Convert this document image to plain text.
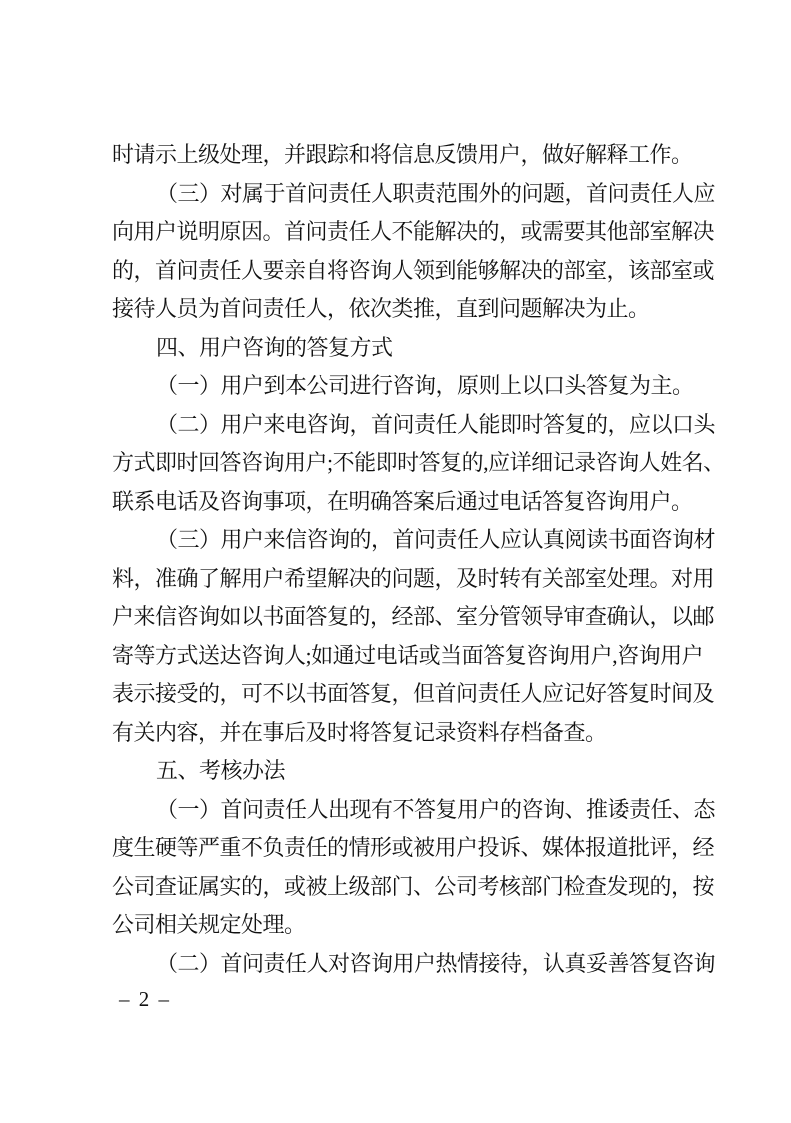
时请示上级处理，并跟踪和将信息反馈用户，做好解释工作。
（三）对属于首问责任人职责范围外的问题，首问责任人应
向用户说明原因。首问责任人不能解决的，或需要其他部室解决
的，首问责任人要亲自将咨询人领到能够解决的部室，该部室或
接待人员为首问责任人，依次类推，直到问题解决为止。
四、用户咨询的答复方式
（一）用户到本公司进行咨询，原则上以口头答复为主。
（二）用户来电咨询，首问责任人能即时答复的，应以口头
方式即时回答咨询用户;不能即时答复的,应详细记录咨询人姓名、
联系电话及咨询事项，在明确答案后通过电话答复咨询用户。
（三）用户来信咨询的，首问责任人应认真阅读书面咨询材
料，准确了解用户希望解决的问题，及时转有关部室处理。对用
户来信咨询如以书面答复的，经部、室分管领导审查确认，以邮
寄等方式送达咨询人;如通过电话或当面答复咨询用户,咨询用户
表示接受的，可不以书面答复，但首问责任人应记好答复时间及
有关内容，并在事后及时将答复记录资料存档备查。
五、考核办法
（一）首问责任人出现有不答复用户的咨询、推诿责任、态
度生硬等严重不负责任的情形或被用户投诉、媒体报道批评，经
公司查证属实的，或被上级部门、公司考核部门检查发现的，按
公司相关规定处理。
（二）首问责任人对咨询用户热情接待，认真妥善答复咨询
– 2 –
